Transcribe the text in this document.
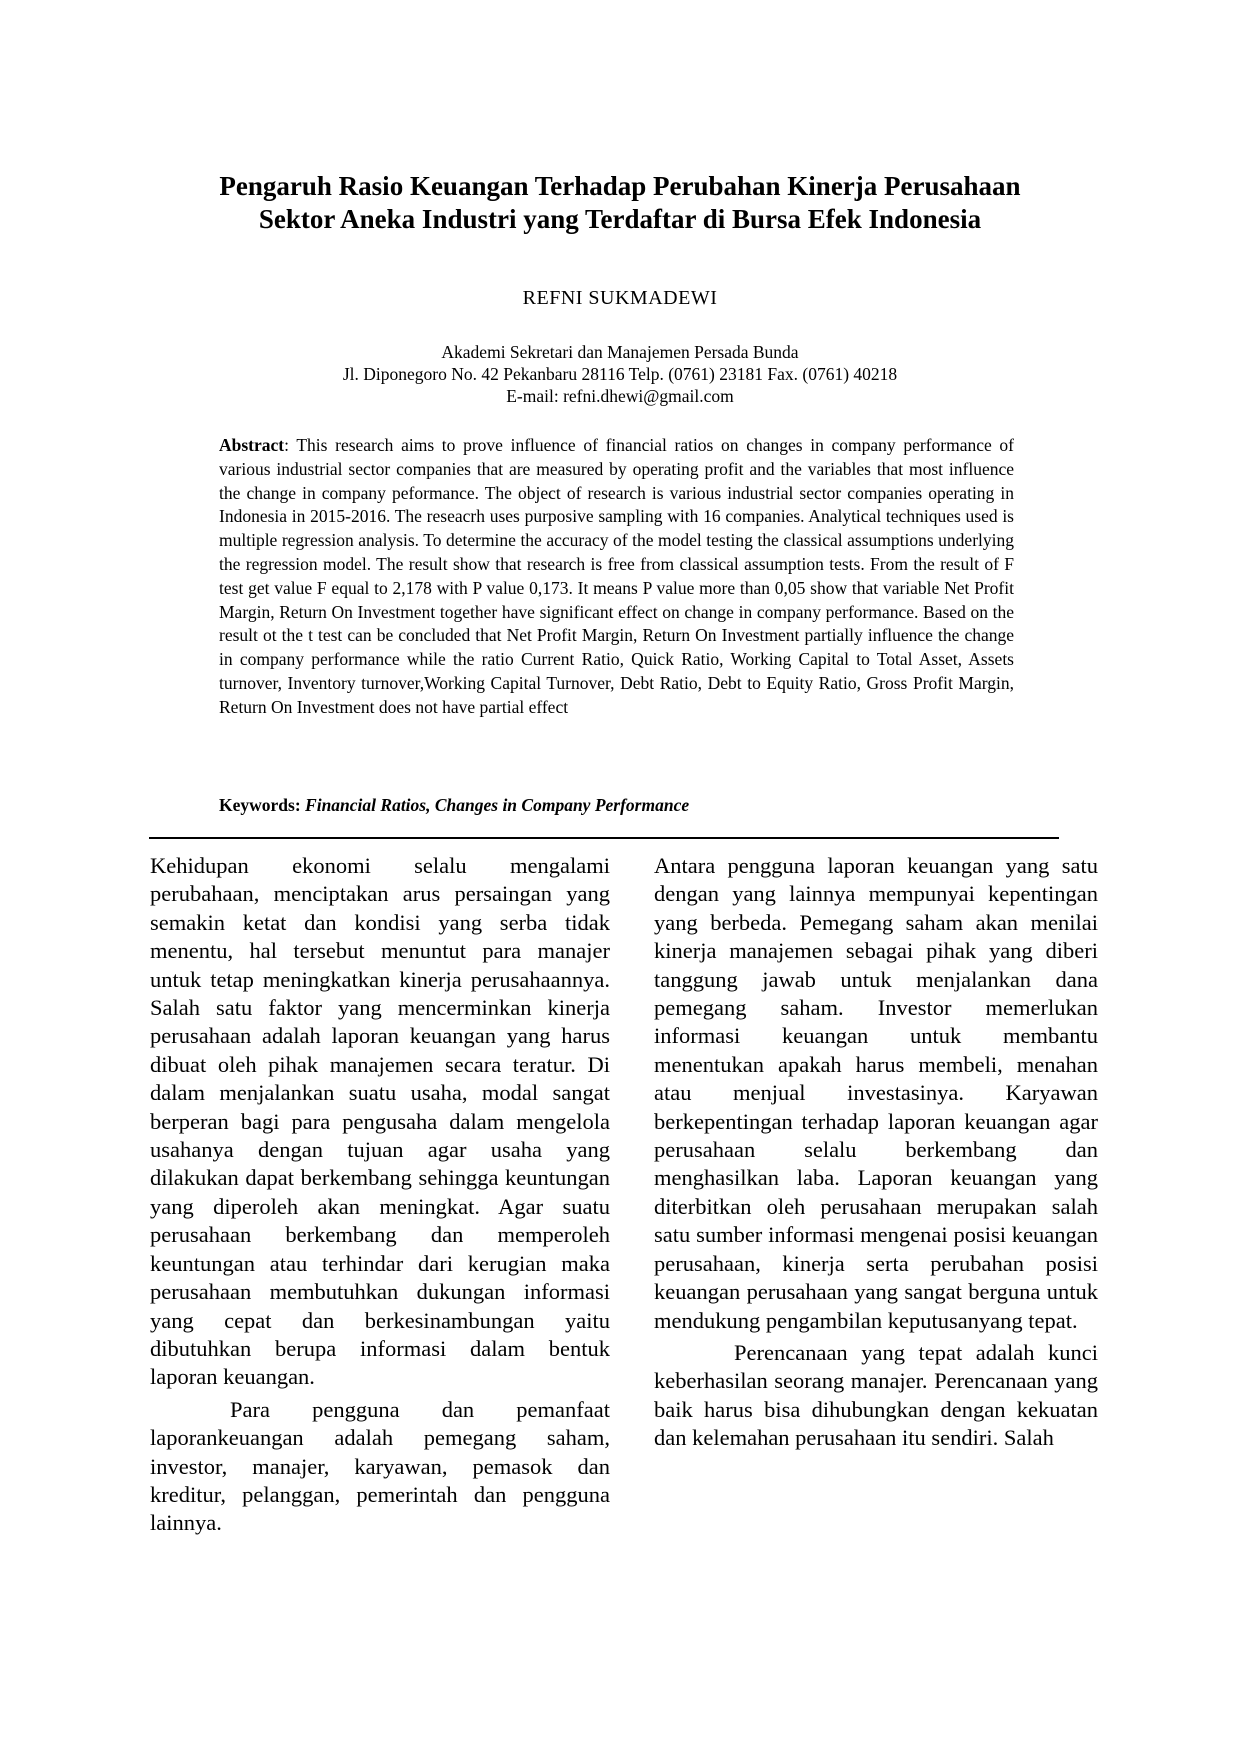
Pengaruh Rasio Keuangan Terhadap Perubahan Kinerja Perusahaan
Sektor Aneka Industri yang Terdaftar di Bursa Efek Indonesia
REFNI SUKMADEWI
Akademi Sekretari dan Manajemen Persada Bunda
Jl. Diponegoro No. 42 Pekanbaru 28116 Telp. (0761) 23181 Fax. (0761) 40218
E-mail: refni.dhewi@gmail.com
Abstract: This research aims to prove influence of financial ratios on changes in company performance of various industrial sector companies that are measured by operating profit and the variables that most influence the change in company peformance. The object of research is various industrial sector companies operating in Indonesia in 2015-2016. The reseacrh uses purposive sampling with 16 companies. Analytical techniques used is multiple regression analysis. To determine the accuracy of the model testing the classical assumptions underlying the regression model. The result show that research is free from classical assumption tests. From the result of F test get value F equal to 2,178 with P value 0,173. It means P value more than 0,05 show that variable Net Profit Margin, Return On Investment together have significant effect on change in company performance. Based on the result ot the t test can be concluded that Net Profit Margin, Return On Investment partially influence the change in company performance while the ratio Current Ratio, Quick Ratio, Working Capital to Total Asset, Assets turnover, Inventory turnover,Working Capital Turnover, Debt Ratio, Debt to Equity Ratio, Gross Profit Margin, Return On Investment does not have partial effect
Keywords: Financial Ratios, Changes in Company Performance

Kehidupan ekonomi selalu mengalami perubahaan, menciptakan arus persaingan yang semakin ketat dan kondisi yang serba tidak menentu, hal tersebut menuntut para manajer untuk tetap meningkatkan kinerja perusahaannya. Salah satu faktor yang mencerminkan kinerja perusahaan adalah laporan keuangan yang harus dibuat oleh pihak manajemen secara teratur. Di dalam menjalankan suatu usaha, modal sangat berperan bagi para pengusaha dalam mengelola usahanya dengan tujuan agar usaha yang dilakukan dapat berkembang sehingga keuntungan yang diperoleh akan meningkat. Agar suatu perusahaan berkembang dan memperoleh keuntungan atau terhindar dari kerugian maka perusahaan membutuhkan dukungan informasi yang cepat dan berkesinambungan yaitu dibutuhkan berupa informasi dalam bentuk laporan keuangan.

Para pengguna dan pemanfaat laporankeuangan adalah pemegang saham, investor, manajer, karyawan, pemasok dan kreditur, pelanggan, pemerintah dan pengguna lainnya.

Antara pengguna laporan keuangan yang satu dengan yang lainnya mempunyai kepentingan yang berbeda. Pemegang saham akan menilai kinerja manajemen sebagai pihak yang diberi tanggung jawab untuk menjalankan dana pemegang saham. Investor memerlukan informasi keuangan untuk membantu menentukan apakah harus membeli, menahan atau menjual investasinya. Karyawan berkepentingan terhadap laporan keuangan agar perusahaan selalu berkembang dan menghasilkan laba. Laporan keuangan yang diterbitkan oleh perusahaan merupakan salah satu sumber informasi mengenai posisi keuangan perusahaan, kinerja serta perubahan posisi keuangan perusahaan yang sangat berguna untuk mendukung pengambilan keputusanyang tepat.

Perencanaan yang tepat adalah kunci keberhasilan seorang manajer. Perencanaan yang baik harus bisa dihubungkan dengan kekuatan dan kelemahan perusahaan itu sendiri. Salah
